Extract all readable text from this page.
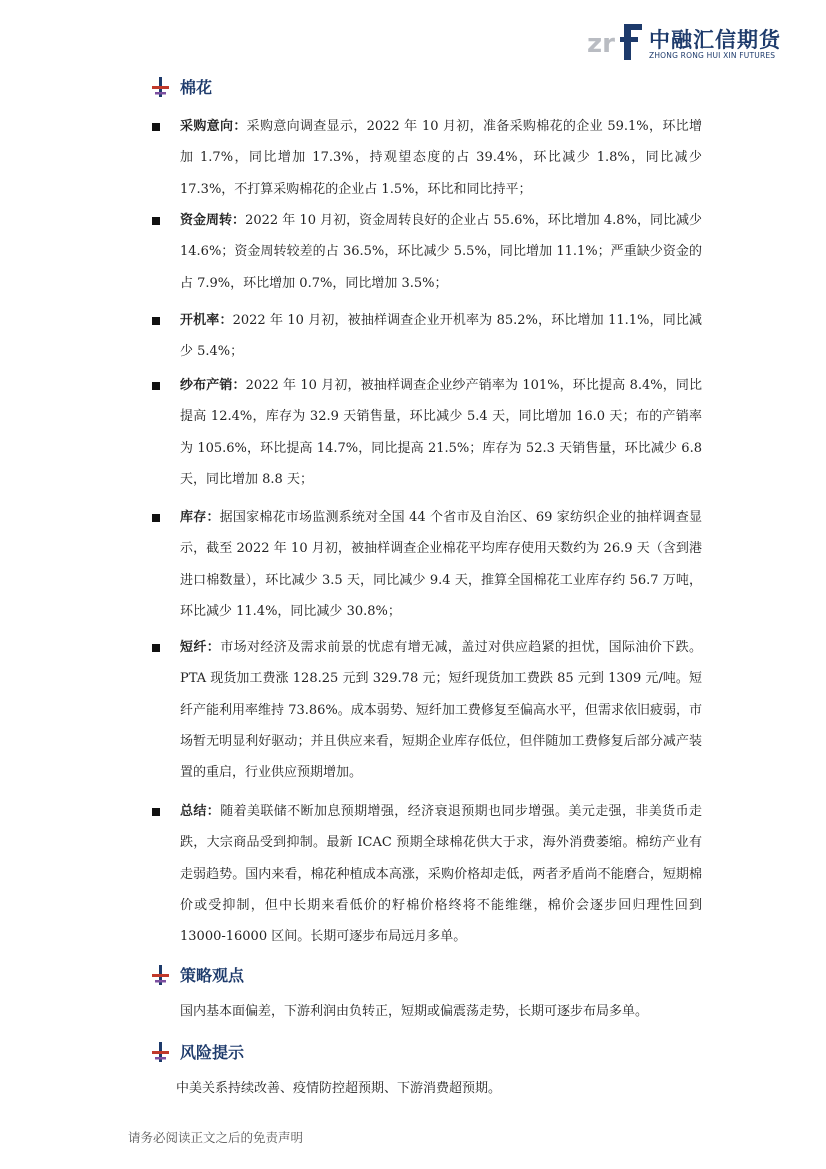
zr 中融汇信期货
ZHONG RONG HUI XIN FUTURES
棉花

采购意向：采购意向调查显示，2022 年 10 月初，准备采购棉花的企业 59.1%，环比增加 1.7%，同比增加 17.3%，持观望态度的占 39.4%，环比减少 1.8%，同比减少 17.3%，不打算采购棉花的企业占 1.5%，环比和同比持平；

资金周转：2022 年 10 月初，资金周转良好的企业占 55.6%，环比增加 4.8%，同比减少 14.6%；资金周转较差的占 36.5%，环比减少 5.5%，同比增加 11.1%；严重缺少资金的占 7.9%，环比增加 0.7%，同比增加 3.5%；

开机率：2022 年 10 月初，被抽样调查企业开机率为 85.2%，环比增加 11.1%，同比减少 5.4%；

纱布产销：2022 年 10 月初，被抽样调查企业纱产销率为 101%，环比提高 8.4%，同比提高 12.4%，库存为 32.9 天销售量，环比减少 5.4 天，同比增加 16.0 天；布的产销率为 105.6%，环比提高 14.7%，同比提高 21.5%；库存为 52.3 天销售量，环比减少 6.8 天，同比增加 8.8 天；

库存：据国家棉花市场监测系统对全国 44 个省市及自治区、69 家纺织企业的抽样调查显示，截至 2022 年 10 月初，被抽样调查企业棉花平均库存使用天数约为 26.9 天（含到港进口棉数量），环比减少 3.5 天，同比减少 9.4 天，推算全国棉花工业库存约 56.7 万吨，环比减少 11.4%，同比减少 30.8%；

短纤：市场对经济及需求前景的忧虑有增无减，盖过对供应趋紧的担忧，国际油价下跌。PTA 现货加工费涨 128.25 元到 329.78 元；短纤现货加工费跌 85 元到 1309 元/吨。短纤产能利用率维持 73.86%。成本弱势、短纤加工费修复至偏高水平，但需求依旧疲弱，市场暂无明显利好驱动；并且供应来看，短期企业库存低位，但伴随加工费修复后部分减产装置的重启，行业供应预期增加。

总结：随着美联储不断加息预期增强，经济衰退预期也同步增强。美元走强，非美货币走跌，大宗商品受到抑制。最新 ICAC 预期全球棉花供大于求，海外消费萎缩。棉纺产业有走弱趋势。国内来看，棉花种植成本高涨，采购价格却走低，两者矛盾尚不能磨合，短期棉价或受抑制，但中长期来看低价的籽棉价格终将不能维继，棉价会逐步回归理性回到 13000-16000 区间。长期可逐步布局远月多单。

策略观点

国内基本面偏差，下游利润由负转正，短期或偏震荡走势，长期可逐步布局多单。

风险提示

中美关系持续改善、疫情防控超预期、下游消费超预期。

请务必阅读正文之后的免责声明
